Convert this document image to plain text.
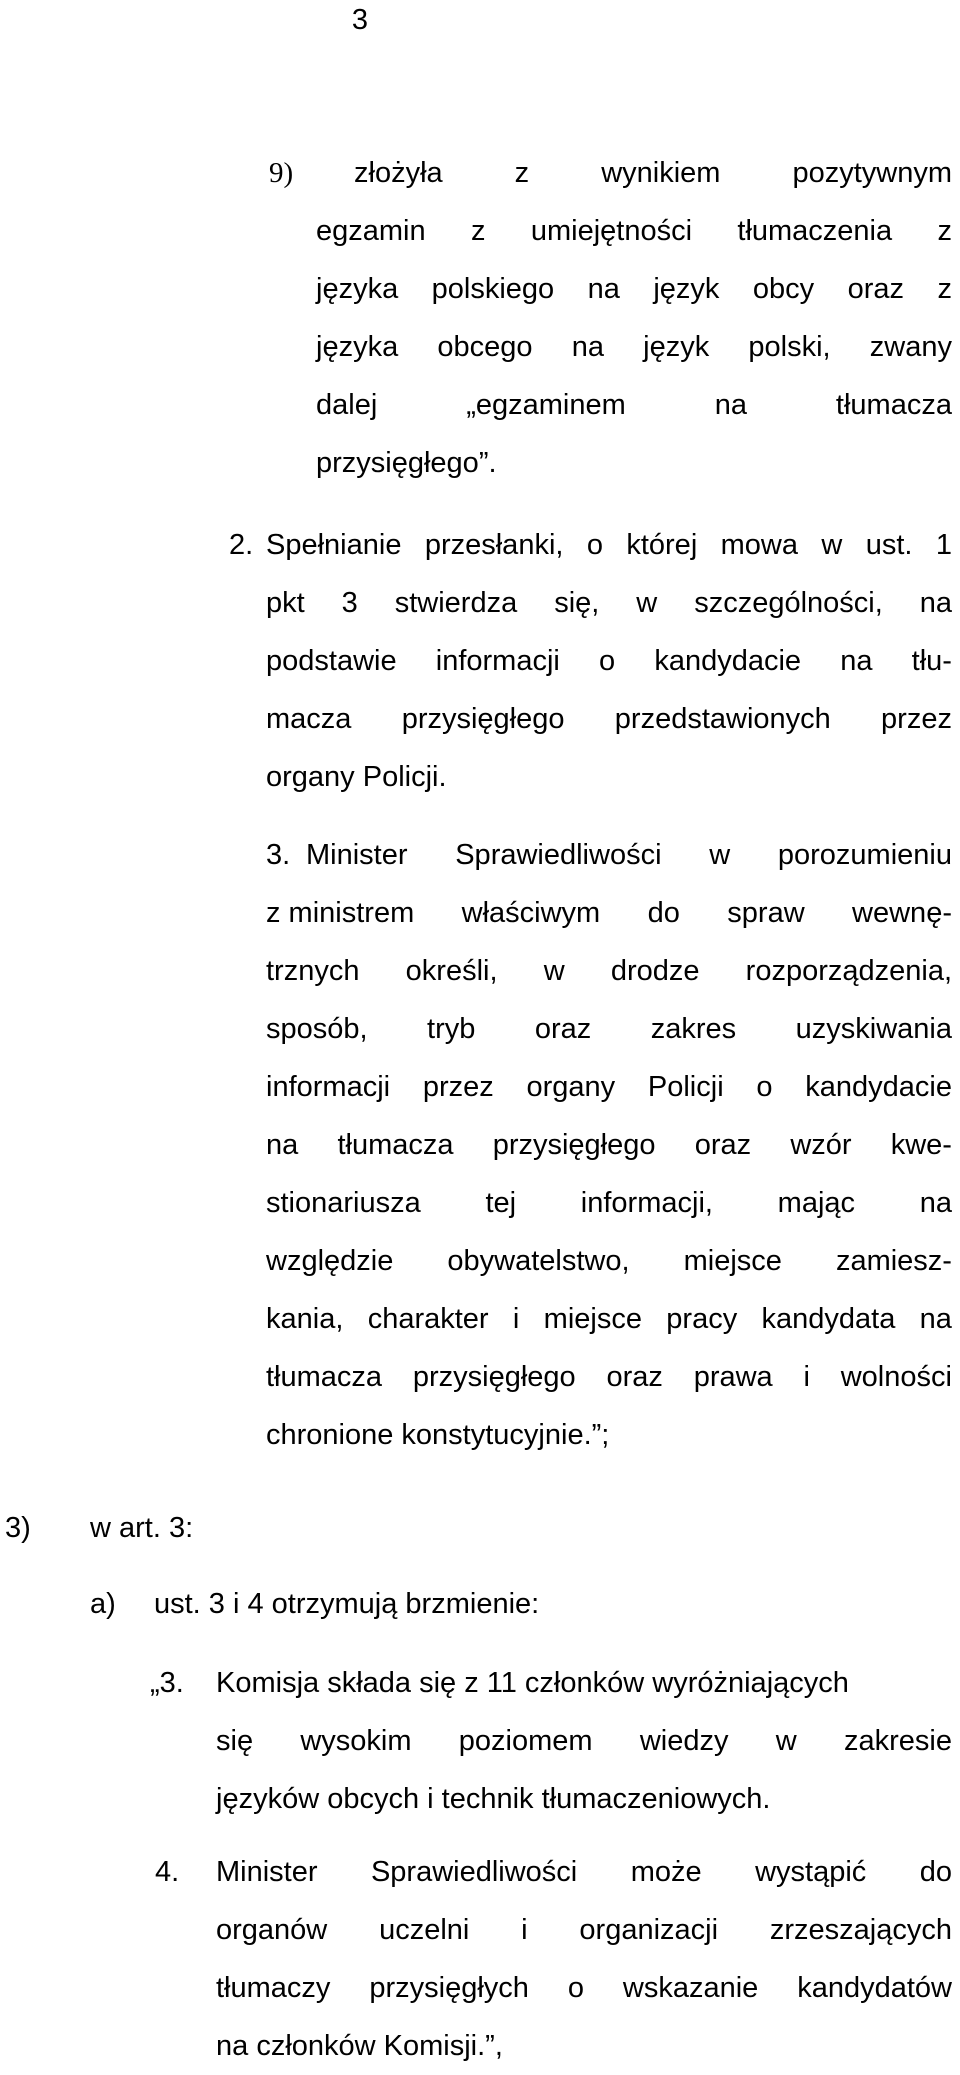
3
9) złożyła z wynikiem pozytywnym
egzamin z umiejętności tłumaczenia z
języka polskiego na język obcy oraz z
języka obcego na język polski, zwany
dalej	„egzaminem	na	tłumacza
przysięgłego”.
2. Spełnianie przesłanki, o której mowa w ust. 1
pkt 3 stwierdza się, w szczególności, na
podstawie informacji o kandydacie na tłu-
macza przysięgłego przedstawionych przez
organy Policji.
3. Minister Sprawiedliwości w porozumieniu
z ministrem właściwym do spraw wewnę-
trznych określi, w drodze rozporządzenia,
sposób, tryb oraz zakres uzyskiwania
informacji przez organy Policji o kandydacie
na tłumacza przysięgłego oraz wzór kwe-
stionariusza tej informacji, mając na
względzie obywatelstwo, miejsce zamiesz-
kania, charakter i miejsce pracy kandydata na
tłumacza przysięgłego oraz prawa i wolności
chronione konstytucyjnie.”;
3) w art. 3:
a) ust. 3 i 4 otrzymują brzmienie:
„3. Komisja składa się z 11 członków wyróżniających
się wysokim poziomem wiedzy w zakresie
języków obcych i technik tłumaczeniowych.
4. Minister Sprawiedliwości może wystąpić do
organów uczelni i organizacji zrzeszających
tłumaczy przysięgłych o wskazanie kandydatów
na członków Komisji.”,
